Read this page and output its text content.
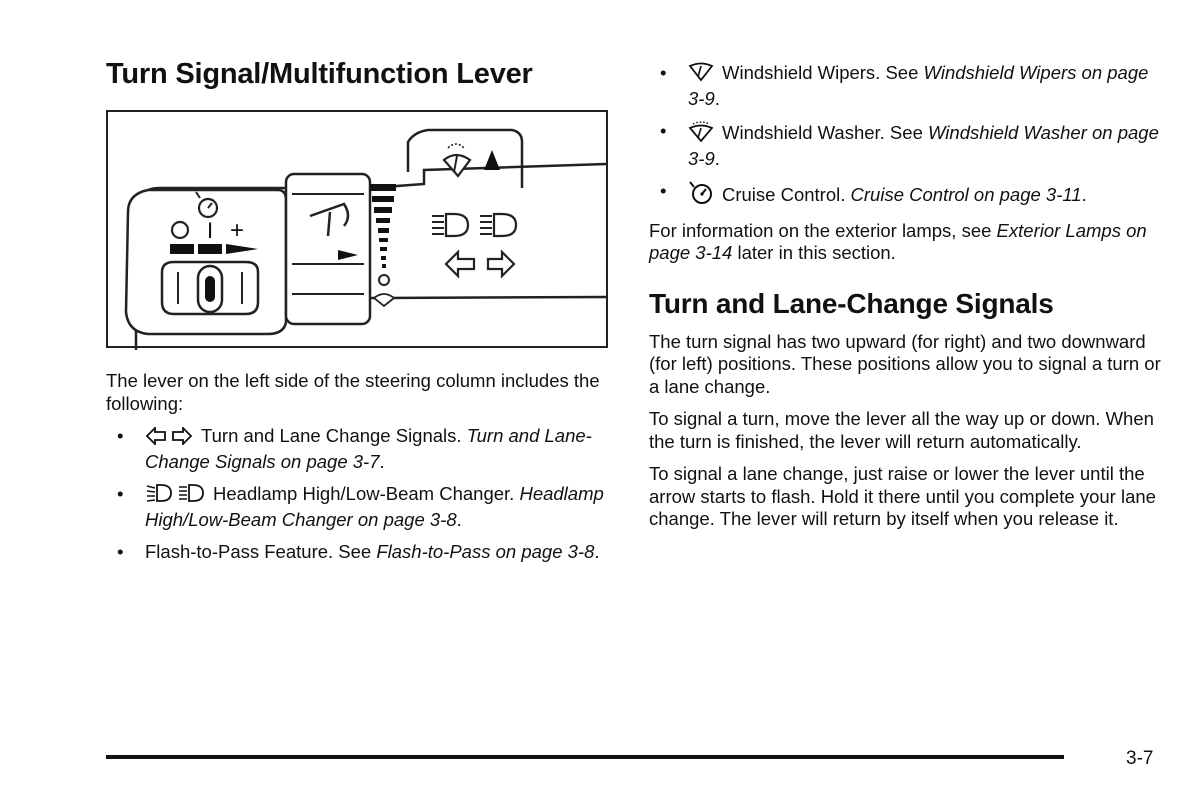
Turn Signal/Multifunction Lever
I +

The lever on the left side of the steering column includes the following:

•	Turn and Lane Change Signals. Turn and Lane-Change Signals on page 3-7.
•	Headlamp High/Low-Beam Changer. Headlamp High/Low-Beam Changer on page 3-8.
• Flash-to-Pass Feature. See Flash-to-Pass on page 3-8.
•	Windshield Wipers. See Windshield Wipers on page 3-9.
•	Windshield Washer. See Windshield Washer on page 3-9.
•	Cruise Control. Cruise Control on page 3-11.

For information on the exterior lamps, see Exterior Lamps on page 3-14 later in this section.

Turn and Lane-Change Signals

The turn signal has two upward (for right) and two downward (for left) positions. These positions allow you to signal a turn or a lane change.

To signal a turn, move the lever all the way up or down. When the turn is finished, the lever will return automatically.

To signal a lane change, just raise or lower the lever until the arrow starts to flash. Hold it there until you complete your lane change. The lever will return by itself when you release it.

3-7
